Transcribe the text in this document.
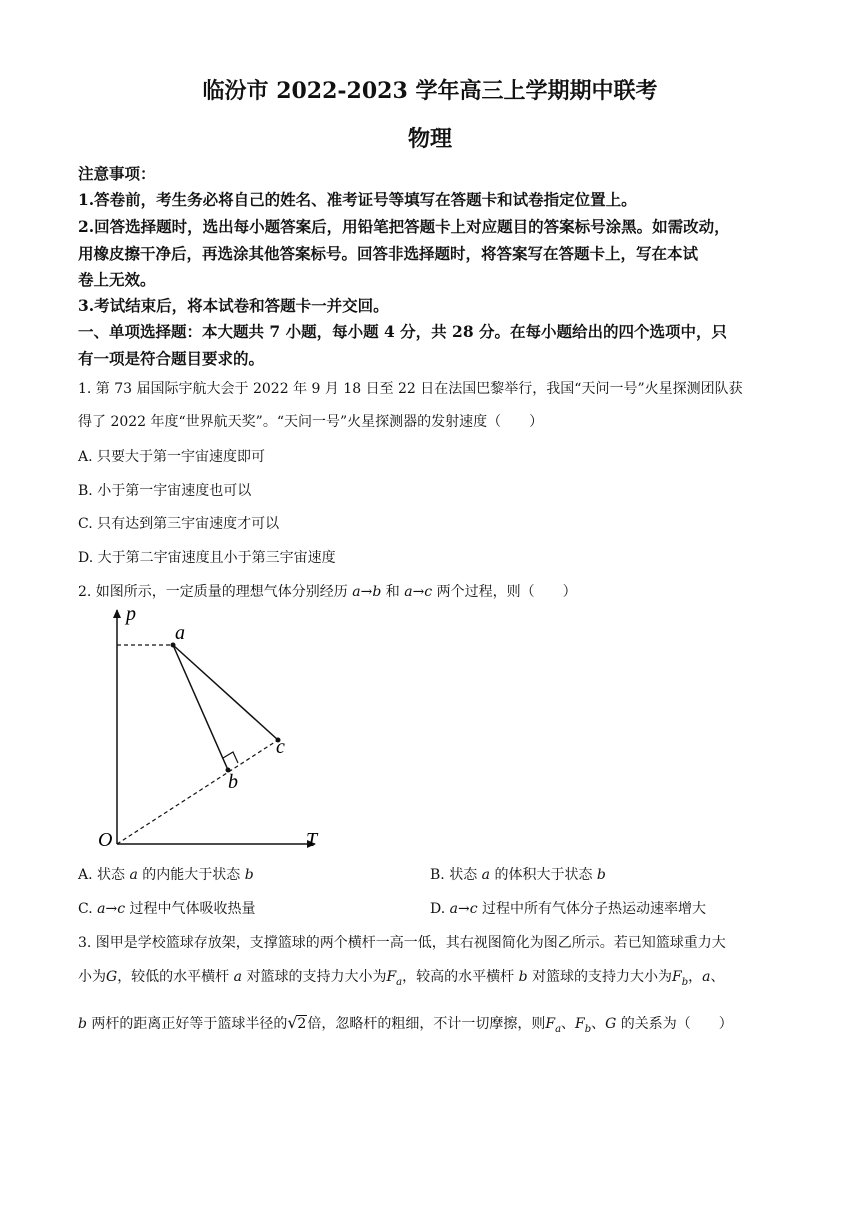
临汾市 2022-2023 学年高三上学期期中联考
物理
注意事项：
1.答卷前，考生务必将自己的姓名、准考证号等填写在答题卡和试卷指定位置上。
2.回答选择题时，选出每小题答案后，用铅笔把答题卡上对应题目的答案标号涂黑。如需改动，
用橡皮擦干净后，再选涂其他答案标号。回答非选择题时，将答案写在答题卡上，写在本试
卷上无效。
3.考试结束后，将本试卷和答题卡一并交回。
一、单项选择题：本大题共 7 小题，每小题 4 分，共 28 分。在每小题给出的四个选项中，只
有一项是符合题目要求的。
1. 第 73 届国际宇航大会于 2022 年 9 月 18 日至 22 日在法国巴黎举行，我国“天问一号”火星探测团队获
得了 2022 年度“世界航天奖”。“天问一号”火星探测器的发射速度（　　）
A. 只要大于第一宇宙速度即可
B. 小于第一宇宙速度也可以
C. 只有达到第三宇宙速度才可以
D. 大于第二宇宙速度且小于第三宇宙速度
2. 如图所示，一定质量的理想气体分别经历 a→b 和 a→c 两个过程，则（　　）
p
T
O
a
b
c
A. 状态 a 的内能大于状态 b	B. 状态 a 的体积大于状态 b
C. a→c 过程中气体吸收热量	D. a→c 过程中所有气体分子热运动速率增大
3. 图甲是学校篮球存放架，支撑篮球的两个横杆一高一低，其右视图简化为图乙所示。若已知篮球重力大
小为G，较低的水平横杆 a 对篮球的支持力大小为$F_a$，较高的水平横杆 b 对篮球的支持力大小为$F_b$，a、
b 两杆的距离正好等于篮球半径的 √ 2倍，忽略杆的粗细，不计一切摩擦，则$F_a$、$F_b$、G 的关系为（　　）
